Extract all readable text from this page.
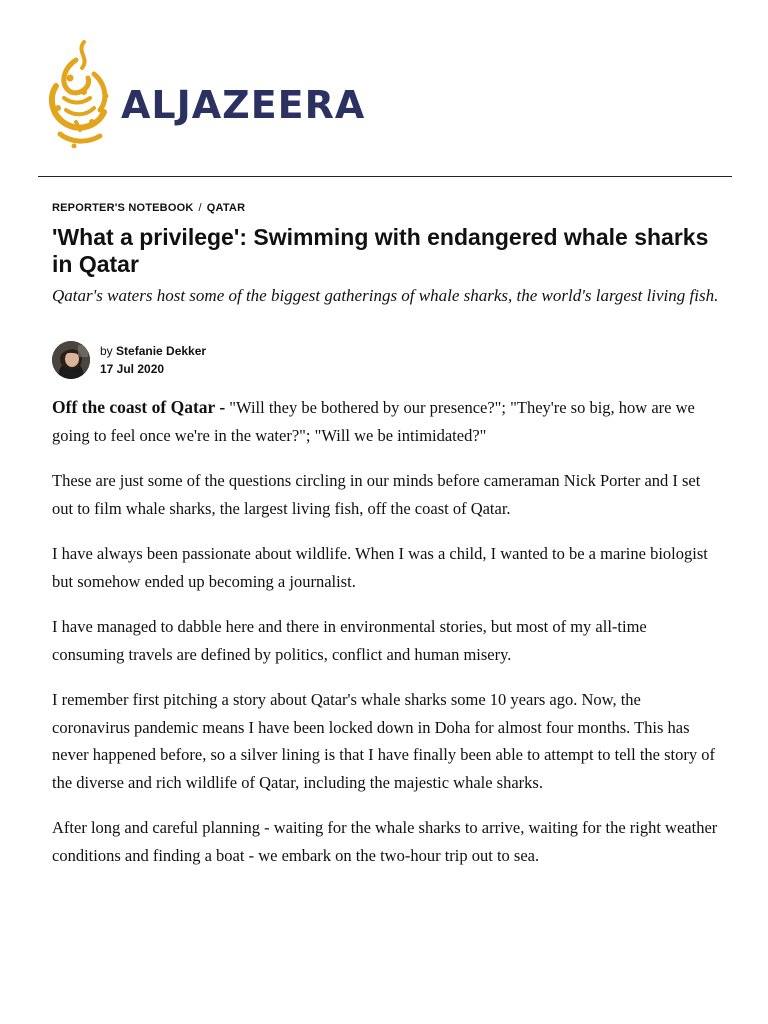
ALJAZEERA
REPORTER'S NOTEBOOK / QATAR
'What a privilege': Swimming with endangered whale sharks in Qatar

Qatar's waters host some of the biggest gatherings of whale sharks, the world's largest living fish.

by Stefanie Dekker
17 Jul 2020

Off the coast of Qatar - "Will they be bothered by our presence?"; "They're so big, how are we going to feel once we're in the water?"; "Will we be intimidated?"

These are just some of the questions circling in our minds before cameraman Nick Porter and I set out to film whale sharks, the largest living fish, off the coast of Qatar.

I have always been passionate about wildlife. When I was a child, I wanted to be a marine biologist but somehow ended up becoming a journalist.

I have managed to dabble here and there in environmental stories, but most of my all-time consuming travels are defined by politics, conflict and human misery.

I remember first pitching a story about Qatar's whale sharks some 10 years ago. Now, the coronavirus pandemic means I have been locked down in Doha for almost four months. This has never happened before, so a silver lining is that I have finally been able to attempt to tell the story of the diverse and rich wildlife of Qatar, including the majestic whale sharks.

After long and careful planning - waiting for the whale sharks to arrive, waiting for the right weather conditions and finding a boat - we embark on the two-hour trip out to sea.
